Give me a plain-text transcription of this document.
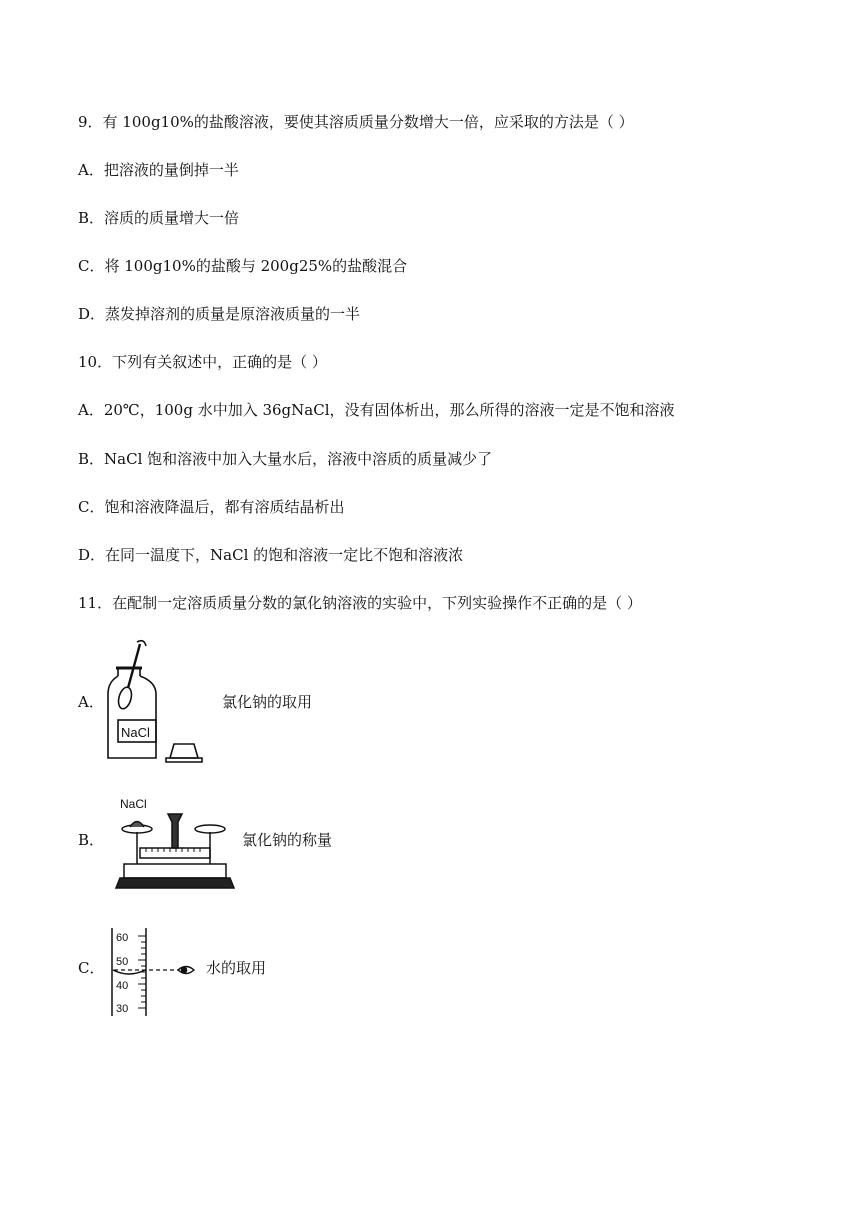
9．有 100g10%的盐酸溶液，要使其溶质质量分数增大一倍，应采取的方法是（ ）
A．把溶液的量倒掉一半
B．溶质的质量增大一倍
C．将 100g10%的盐酸与 200g25%的盐酸混合
D．蒸发掉溶剂的质量是原溶液质量的一半
10．下列有关叙述中，正确的是（ ）
A．20℃，100g 水中加入 36gNaCl，没有固体析出，那么所得的溶液一定是不饱和溶液
B．NaCl 饱和溶液中加入大量水后，溶液中溶质的质量减少了
C．饱和溶液降温后，都有溶质结晶析出
D．在同一温度下，NaCl 的饱和溶液一定比不饱和溶液浓
11．在配制一定溶质质量分数的氯化钠溶液的实验中，下列实验操作不正确的是（ ）
A．
NaCl
氯化钠的取用
B．
NaCl
氯化钠的称量
C．
60
50
40
30
水的取用
